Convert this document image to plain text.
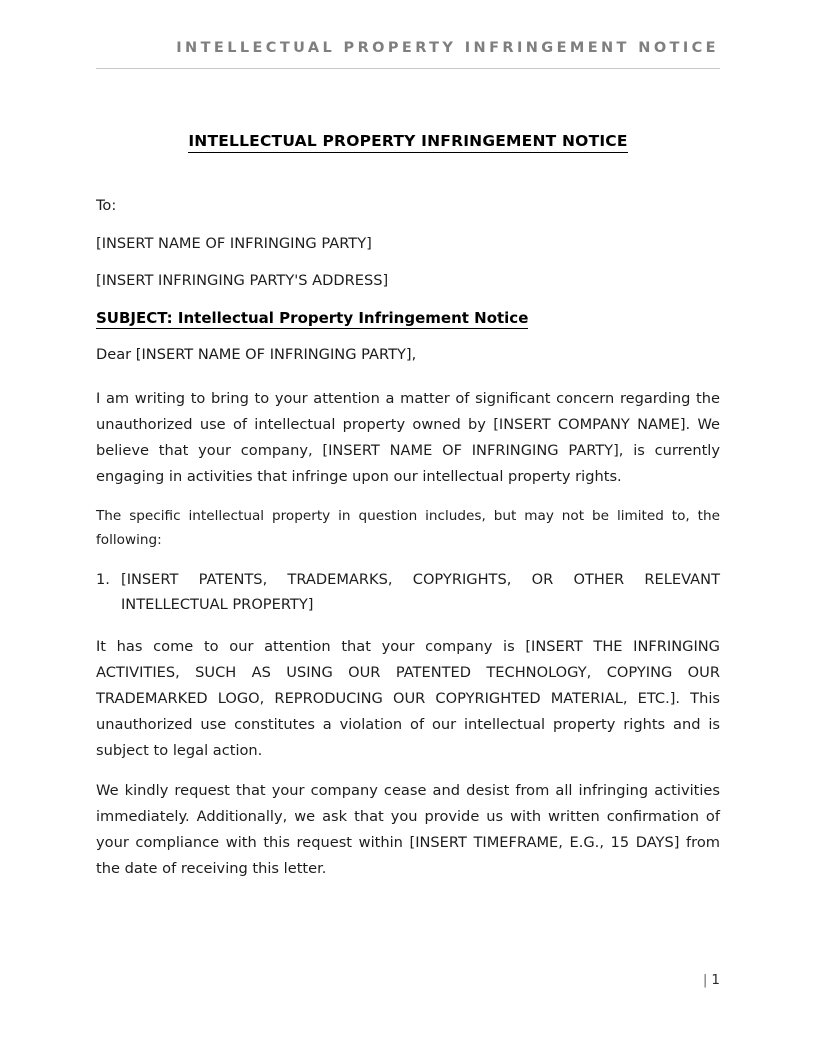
INTELLECTUAL PROPERTY INFRINGEMENT NOTICE
INTELLECTUAL PROPERTY INFRINGEMENT NOTICE

To:

[INSERT NAME OF INFRINGING PARTY]

[INSERT INFRINGING PARTY'S ADDRESS]

SUBJECT: Intellectual Property Infringement Notice

Dear [INSERT NAME OF INFRINGING PARTY],

I am writing to bring to your attention a matter of significant concern regarding the unauthorized use of intellectual property owned by [INSERT COMPANY NAME]. We believe that your company, [INSERT NAME OF INFRINGING PARTY], is currently engaging in activities that infringe upon our intellectual property rights.

The specific intellectual property in question includes, but may not be limited to, the following:

[INSERT PATENTS, TRADEMARKS, COPYRIGHTS, OR OTHER RELEVANT INTELLECTUAL PROPERTY]

It has come to our attention that your company is [INSERT THE INFRINGING ACTIVITIES, SUCH AS USING OUR PATENTED TECHNOLOGY, COPYING OUR TRADEMARKED LOGO, REPRODUCING OUR COPYRIGHTED MATERIAL, ETC.]. This unauthorized use constitutes a violation of our intellectual property rights and is subject to legal action.

We kindly request that your company cease and desist from all infringing activities immediately. Additionally, we ask that you provide us with written confirmation of your compliance with this request within [INSERT TIMEFRAME, E.G., 15 DAYS] from the date of receiving this letter.

| 1
